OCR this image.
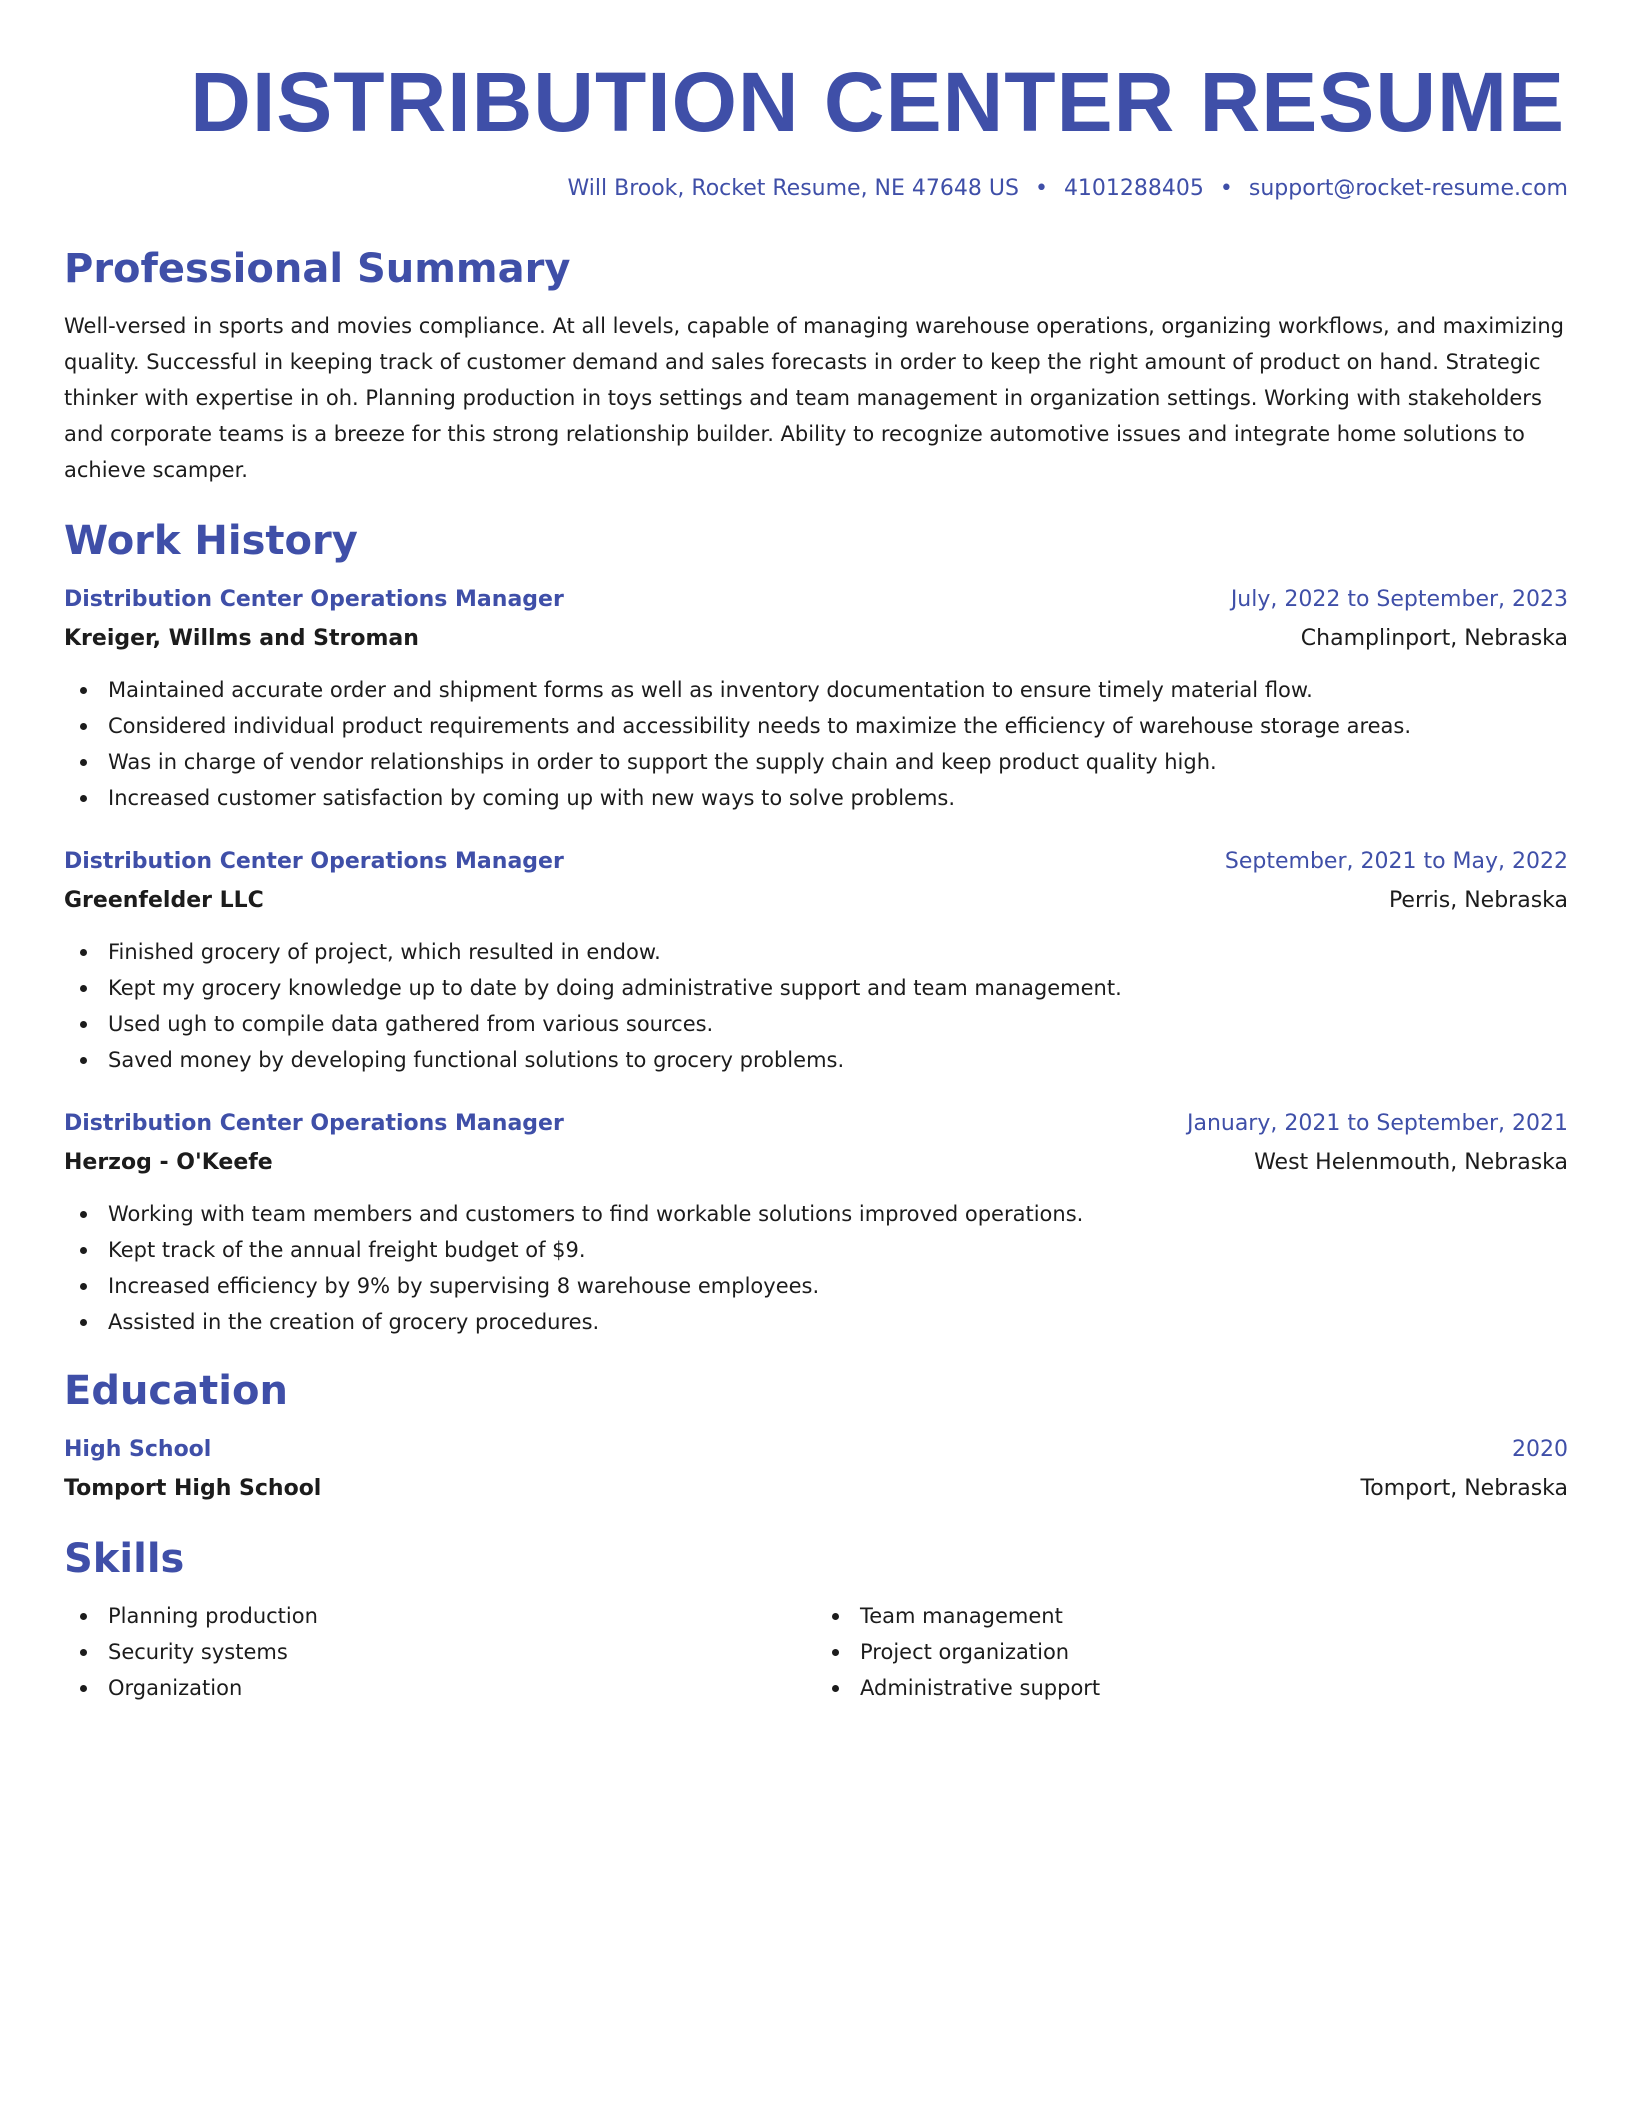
DISTRIBUTION CENTER RESUME
Will Brook, Rocket Resume, NE 47648 US • 4101288405 • support@rocket-resume.com
Professional Summary

Well-versed in sports and movies compliance. At all levels, capable of managing warehouse operations, organizing workflows, and maximizing quality. Successful in keeping track of customer demand and sales forecasts in order to keep the right amount of product on hand. Strategic thinker with expertise in oh. Planning production in toys settings and team management in organization settings. Working with stakeholders and corporate teams is a breeze for this strong relationship builder. Ability to recognize automotive issues and integrate home solutions to achieve scamper.

Work History
Distribution Center Operations Manager	July, 2022 to September, 2023
Kreiger, Willms and Stroman	Champlinport, Nebraska
Maintained accurate order and shipment forms as well as inventory documentation to ensure timely material flow.
Considered individual product requirements and accessibility needs to maximize the efficiency of warehouse storage areas.
Was in charge of vendor relationships in order to support the supply chain and keep product quality high.
Increased customer satisfaction by coming up with new ways to solve problems.
Distribution Center Operations Manager	September, 2021 to May, 2022
Greenfelder LLC	Perris, Nebraska
Finished grocery of project, which resulted in endow.
Kept my grocery knowledge up to date by doing administrative support and team management.
Used ugh to compile data gathered from various sources.
Saved money by developing functional solutions to grocery problems.
Distribution Center Operations Manager	January, 2021 to September, 2021
Herzog - O'Keefe	West Helenmouth, Nebraska
Working with team members and customers to find workable solutions improved operations.
Kept track of the annual freight budget of $9.
Increased efficiency by 9% by supervising 8 warehouse employees.
Assisted in the creation of grocery procedures.
Education
High School	2020
Tomport High School	Tomport, Nebraska
Skills
Planning production
Security systems
Organization
Team management
Project organization
Administrative support
